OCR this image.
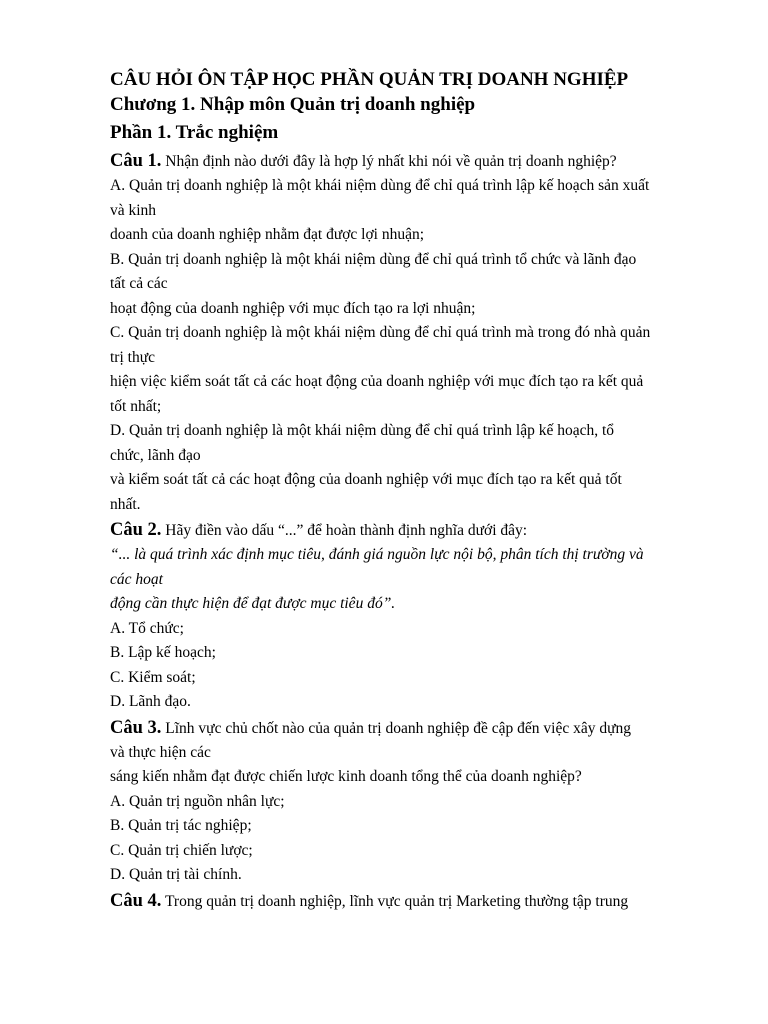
CÂU HỎI ÔN TẬP HỌC PHẦN QUẢN TRỊ DOANH NGHIỆP
Chương 1. Nhập môn Quản trị doanh nghiệp
Phần 1. Trắc nghiệm
Câu 1. Nhận định nào dưới đây là hợp lý nhất khi nói về quản trị doanh nghiệp?
A. Quản trị doanh nghiệp là một khái niệm dùng để chỉ quá trình lập kế hoạch sản xuất
và kinh
doanh của doanh nghiệp nhằm đạt được lợi nhuận;
B. Quản trị doanh nghiệp là một khái niệm dùng để chỉ quá trình tổ chức và lãnh đạo
tất cả các
hoạt động của doanh nghiệp với mục đích tạo ra lợi nhuận;
C. Quản trị doanh nghiệp là một khái niệm dùng để chỉ quá trình mà trong đó nhà quản
trị thực
hiện việc kiểm soát tất cả các hoạt động của doanh nghiệp với mục đích tạo ra kết quả
tốt nhất;
D. Quản trị doanh nghiệp là một khái niệm dùng để chỉ quá trình lập kế hoạch, tổ
chức, lãnh đạo
và kiểm soát tất cả các hoạt động của doanh nghiệp với mục đích tạo ra kết quả tốt
nhất.
Câu 2. Hãy điền vào dấu “...” để hoàn thành định nghĩa dưới đây:
“... là quá trình xác định mục tiêu, đánh giá nguồn lực nội bộ, phân tích thị trường và
các hoạt
động cần thực hiện để đạt được mục tiêu đó”.
A. Tổ chức;
B. Lập kế hoạch;
C. Kiểm soát;
D. Lãnh đạo.
Câu 3. Lĩnh vực chủ chốt nào của quản trị doanh nghiệp đề cập đến việc xây dựng
và thực hiện các
sáng kiến nhằm đạt được chiến lược kinh doanh tổng thể của doanh nghiệp?
A. Quản trị nguồn nhân lực;
B. Quản trị tác nghiệp;
C. Quản trị chiến lược;
D. Quản trị tài chính.
Câu 4. Trong quản trị doanh nghiệp, lĩnh vực quản trị Marketing thường tập trung
